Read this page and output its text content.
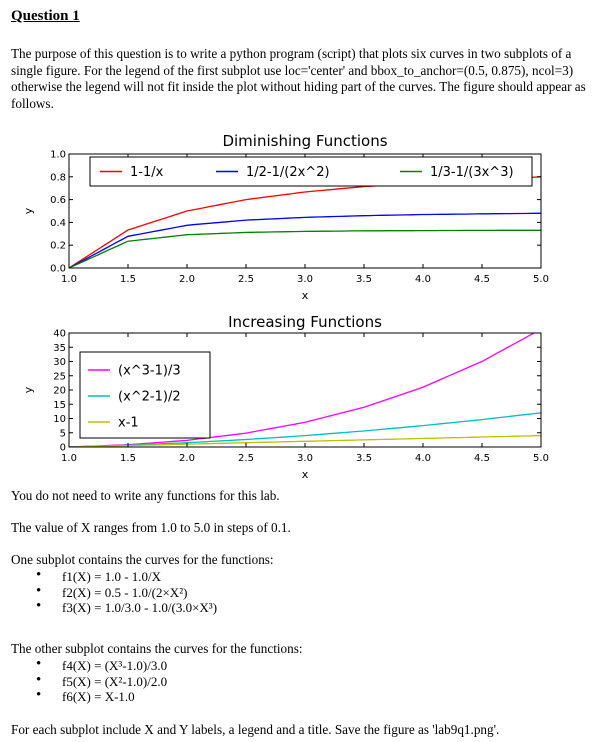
Question 1
The purpose of this question is to write a python program (script) that plots six curves in two subplots of a single figure. For the legend of the first subplot use loc='center' and bbox_to_anchor=(0.5, 0.875), ncol=3) otherwise the legend will not fit inside the plot without hiding part of the curves. The figure should appear as follows.
Diminishing Functions
1.0	1.5	2.0	2.5	3.0	3.5	4.0	4.5	5.0
0.0
0.2
0.4
0.6
0.8
1.0
x
y
1-1/x	1/2-1/(2x^2)	1/3-1/(3x^3)
Increasing Functions
1.0	1.5	2.0	2.5	3.0	3.5	4.0	4.5	5.0
0
5
10
15
20
25
30
35
40
x
y
(x^3-1)/3
(x^2-1)/2
x-1
You do not need to write any functions for this lab.
The value of X ranges from 1.0 to 5.0 in steps of 0.1.
One subplot contains the curves for the functions:
• f1(X) = 1.0 - 1.0/X
• f2(X) = 0.5 - 1.0/(2×X²)
• f3(X) = 1.0/3.0 - 1.0/(3.0×X³)
The other subplot contains the curves for the functions:
• f4(X) = (X³-1.0)/3.0
• f5(X) = (X²-1.0)/2.0
• f6(X) = X-1.0
For each subplot include X and Y labels, a legend and a title. Save the figure as 'lab9q1.png'.
